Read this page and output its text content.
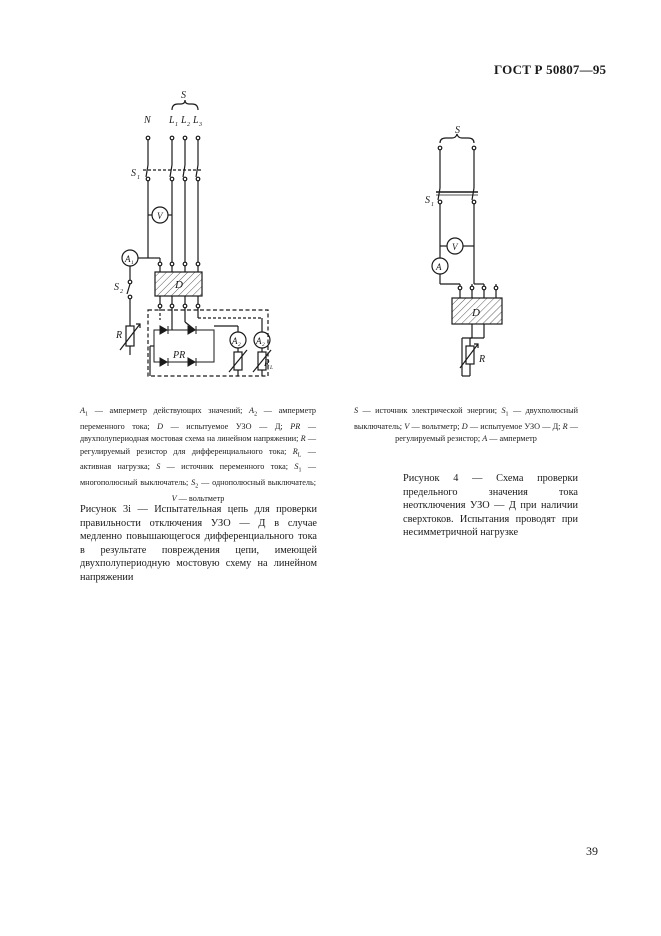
ГОСТ Р 50807—95
S
N L 1 L 2 L 3
S 1
V
A 1
S 2
D
R
PR
A 2 A 2
R L
S
S 1
V
A
D
R
$A_1$ — амперметр действующих значений; $A_2$ — амперметр переменного тока; D — испытуемое УЗО — Д; PR — двухполупериодная мостовая схема на линейном напряжении; R — регулируемый резистор для дифференциального тока; $R_L$ — активная нагрузка; S — источник переменного тока; $S_1$ — многополюсный выключатель; $S_2$ — однополюсный выключатель; V — вольтметр
S — источник электрической энергии; $S_1$ — двухполюсный выключатель; V — вольтметр; D — испытуемое УЗО — Д; R — регулируемый резистор; A — амперметр
Рисунок 3i — Испытательная цепь для проверки правильности отключения УЗО — Д в случае медленно повышающегося дифференциального тока в результате повреждения цепи, имеющей двухполупериодную мостовую схему на линейном напряжении
Рисунок 4 — Схема проверки предельного значения тока неотключения УЗО — Д при наличии сверхтоков. Испытания проводят при несимметричной нагрузке
39
